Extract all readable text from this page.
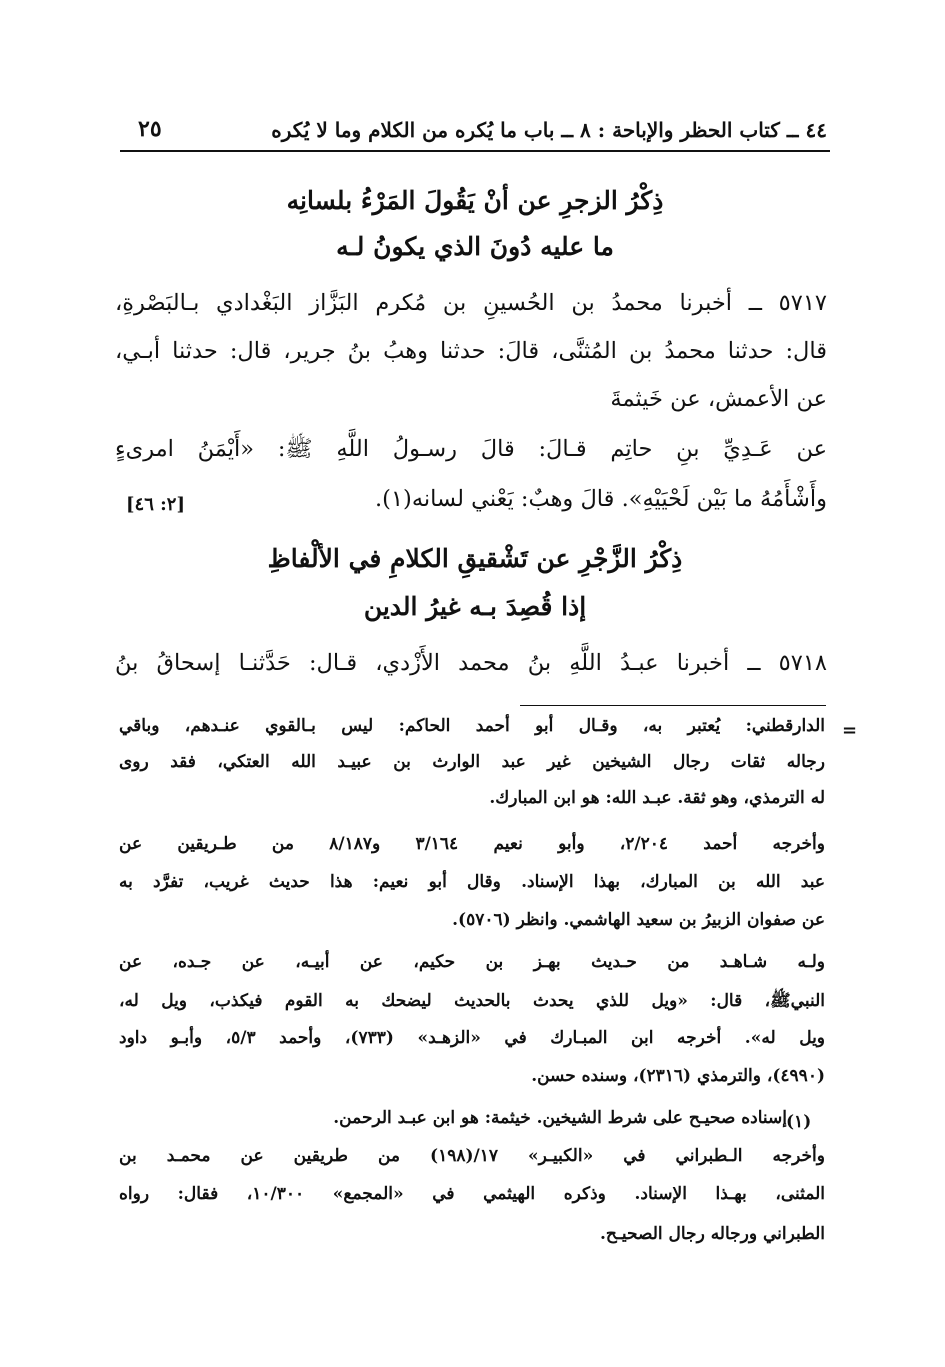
٤٤ ــ كتاب الحظر والإباحة : ٨ ــ باب ما يُكره من الكلام وما لا يُكره
٢٥
ذِكْرُ الزجرِ عن أنْ يَقُولَ المَرْءُ بلسانِه
ما عليه دُونَ الذي يكونُ لـه
٥٧١٧ ــ أخبرنا محمدُ بن الحُسينِ بن مُكرم البَزَّاز البَغْدادي بـالبَصْرةِ،
قال: حدثنا محمدُ بن المُثنَّى، قالَ: حدثنا وهبُ بنُ جرير، قال: حدثنا أبـي،
عن الأعمش، عن خَيثمةَ
عن عَـدِيِّ بنِ حاتِم قـالَ: قالَ رسـولُ اللَّهِ ﷺ: «أَيْمَنُ امرىءٍ
وأَشْأَمُهُ ما بَيْن لَحْيَيْهِ». قالَ وهبٌ: يَعْني لسانه(١).
[٢: ٤٦]
ذِكْرُ الزَّجْرِ عن تَشْقيقِ الكلامِ في الألْفاظِ
إذا قُصِدَ بـه غيرُ الدين
٥٧١٨ ــ أخبرنا عبـدُ اللَّهِ بنُ محمد الأَزْدي، قـال: حَدَّثنـا إسحاقُ بنُ
=
الدارقطني: يُعتبر به، وقـال أبو أحمد الحاكم: ليس بـالقوي عنـدهم، وباقي
رجاله ثقات رجال الشيخين غير عبد الوارث بن عبيـد الله العتكي، فقد روى
له الترمذي، وهو ثقة. عبـد الله: هو ابن المبارك.
وأخرجه أحمد ٢/٢٠٤، وأبو نعيم ٣/١٦٤ و٨/١٨٧ من طـريقين عن
عبد الله بن المبارك، بهذا الإسناد. وقال أبو نعيم: هذا حديث غريب، تفرَّد به
عن صفوان الزبيرُ بن سعيد الهاشمي. وانظر (٥٧٠٦).
ولـه شـاهـد من حـديث بهـز بن حكيم، عن أبيـه، عن جـده، عن
النبيﷺ، قال: «ويل للذي يحدث بالحديث ليضحك به القوم فيكذب، ويل له،
ويل له». أخرجه ابن المبـارك في «الزهـد» (٧٣٣)، وأحمد ٥/٣، وأبـو داود
(٤٩٩٠)، والترمذي (٢٣١٦)، وسنده حسن.
(١)
إسناده صحيـح على شرط الشيخين. خيثمة: هو ابن عبـد الرحمن.
وأخرجه الـطبراني في «الكبيـر» ١٧/(١٩٨) من طريقين عن محمـد بن
المثنى، بهـذا الإسناد. وذكره الهيثمي في «المجمع» ١٠/٣٠٠، فقال: رواه
الطبراني ورجاله رجال الصحيـح.
